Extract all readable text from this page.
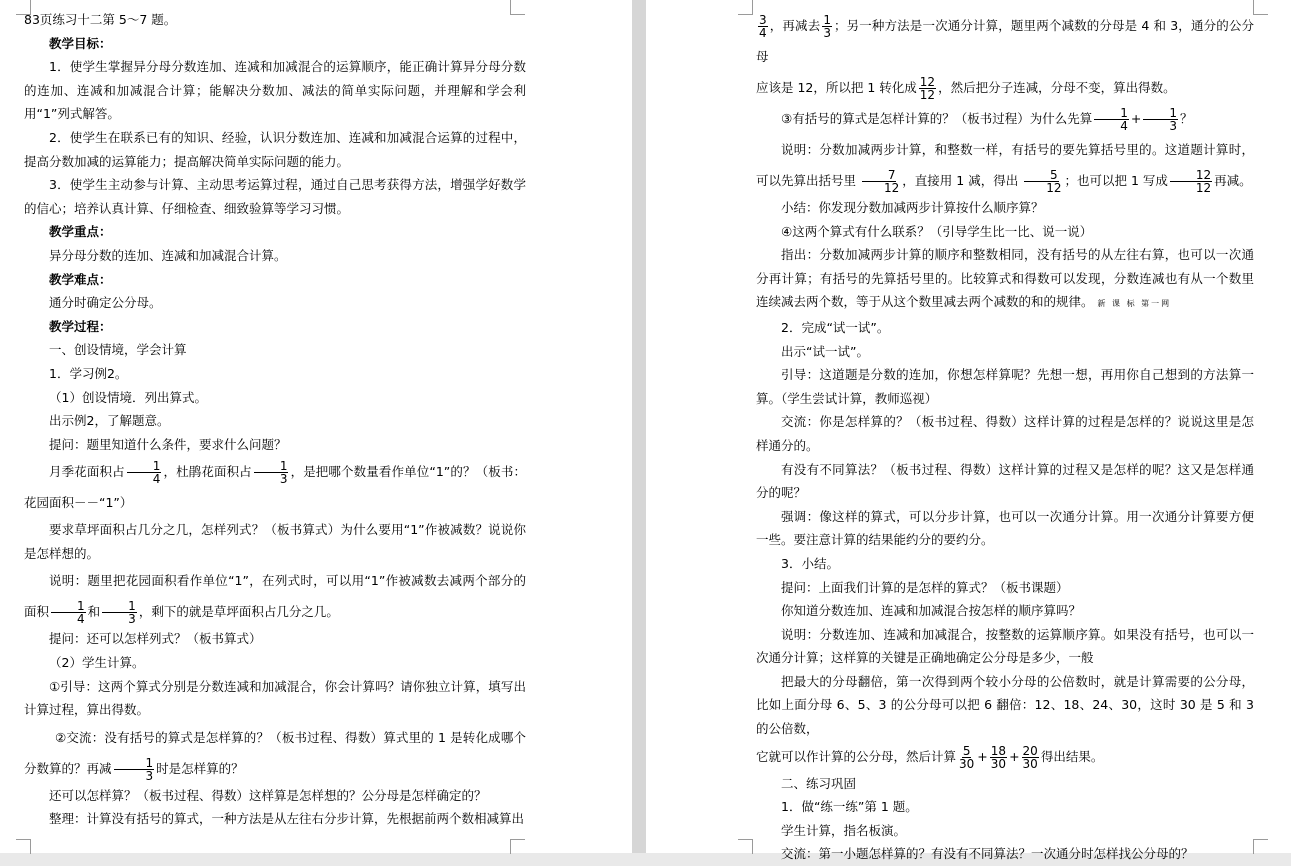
83页练习十二第 5～7 题。

教学目标：

1．使学生掌握异分母分数连加、连减和加减混合的运算顺序，能正确计算异分母分数的连加、连减和加减混合计算；能解决分数加、减法的简单实际问题，并理解和学会利用“1”列式解答。

2．使学生在联系已有的知识、经验，认识分数连加、连减和加减混合运算的过程中，提高分数加减的运算能力；提高解决简单实际问题的能力。

3．使学生主动参与计算、主动思考运算过程，通过自己思考获得方法，增强学好数学的信心；培养认真计算、仔细检查、细致验算等学习习惯。

教学重点：

异分母分数的连加、连减和加减混合计算。

教学难点：

通分时确定公分母。

教学过程：

一、创设情境，学会计算

1．学习例2。

（1）创设情境．列出算式。

出示例2，了解题意。

提问：题里知道什么条件，要求什么问题？

月季花面积占 $\frac{1}{4}$ ，杜鹃花面积占 $\frac{1}{3}$ ，是把哪个数量看作单位“1”的？（板书：花园面积－－“1”）

要求草坪面积占几分之几，怎样列式？（板书算式）为什么要用“1”作被减数？说说你是怎样想的。

说明：题里把花园面积看作单位“1”，在列式时，可以用“1”作被减数去减两个部分的面积 $\frac{1}{4}$ 和 $\frac{1}{3}$ ，剩下的就是草坪面积占几分之几。

提问：还可以怎样列式？（板书算式）

（2）学生计算。

①引导：这两个算式分别是分数连减和加减混合，你会计算吗？请你独立计算，填写出计算过程，算出得数。

②交流：没有括号的算式是怎样算的？（板书过程、得数）算式里的 1 是转化成哪个分数算的？再减 $\frac{1}{3}$ 时是怎样算的？

还可以怎样算？（板书过程、得数）这样算是怎样想的？公分母是怎样确定的？

整理：计算没有括号的算式，一种方法是从左往右分步计算，先根据前两个数相减算出

$\frac{3}{4}$ ，再减去 $\frac{1}{3}$ ；另一种方法是一次通分计算，题里两个减数的分母是 4 和 3，通分的公分母

应该是 12，所以把 1 转化成 $\frac{12}{12}$ ，然后把分子连减，分母不变，算出得数。

③有括号的算式是怎样计算的？（板书过程）为什么先算 $\frac{1}{4} + \frac{1}{3}$ ？

说明：分数加减两步计算，和整数一样，有括号的要先算括号里的。这道题计算时，可以先算出括号里 $\frac{7}{12}$ ，直接用 1 减，得出 $\frac{5}{12}$ ；也可以把 1 写成 $\frac{12}{12}$ 再减。

小结：你发现分数加减两步计算按什么顺序算？

④这两个算式有什么联系？（引导学生比一比、说一说）

指出：分数加减两步计算的顺序和整数相同，没有括号的从左往右算，也可以一次通分再计算；有括号的先算括号里的。比较算式和得数可以发现，分数连减也有从一个数里连续减去两个数，等于从这个数里减去两个减数的和的规律。 新 课 标 第一网

2．完成“试一试”。

出示“试一试”。

引导：这道题是分数的连加，你想怎样算呢？先想一想，再用你自己想到的方法算一算。（学生尝试计算，教师巡视）

交流：你是怎样算的？（板书过程、得数）这样计算的过程是怎样的？说说这里是怎样通分的。

有没有不同算法？（板书过程、得数）这样计算的过程又是怎样的呢？这又是怎样通分的呢？

强调：像这样的算式，可以分步计算，也可以一次通分计算。用一次通分计算要方便一些。要注意计算的结果能约分的要约分。

3．小结。

提问：上面我们计算的是怎样的算式？（板书课题）

你知道分数连加、连减和加减混合按怎样的顺序算吗？

说明：分数连加、连减和加减混合，按整数的运算顺序算。如果没有括号，也可以一次通分计算；这样算的关键是正确地确定公分母是多少，一般

把最大的分母翻倍，第一次得到两个较小分母的公倍数时，就是计算需要的公分母，比如上面分母 6、5、3 的公分母可以把 6 翻倍：12、18、24、30，这时 30 是 5 和 3 的公倍数，

它就可以作计算的公分母，然后计算 $\frac{5}{30} + \frac{18}{30} + \frac{20}{30}$ 得出结果。

二、练习巩固

1．做“练一练”第 1 题。

学生计算，指名板演。

交流：第一小题怎样算的？有没有不同算法？一次通分时怎样找公分母的？
